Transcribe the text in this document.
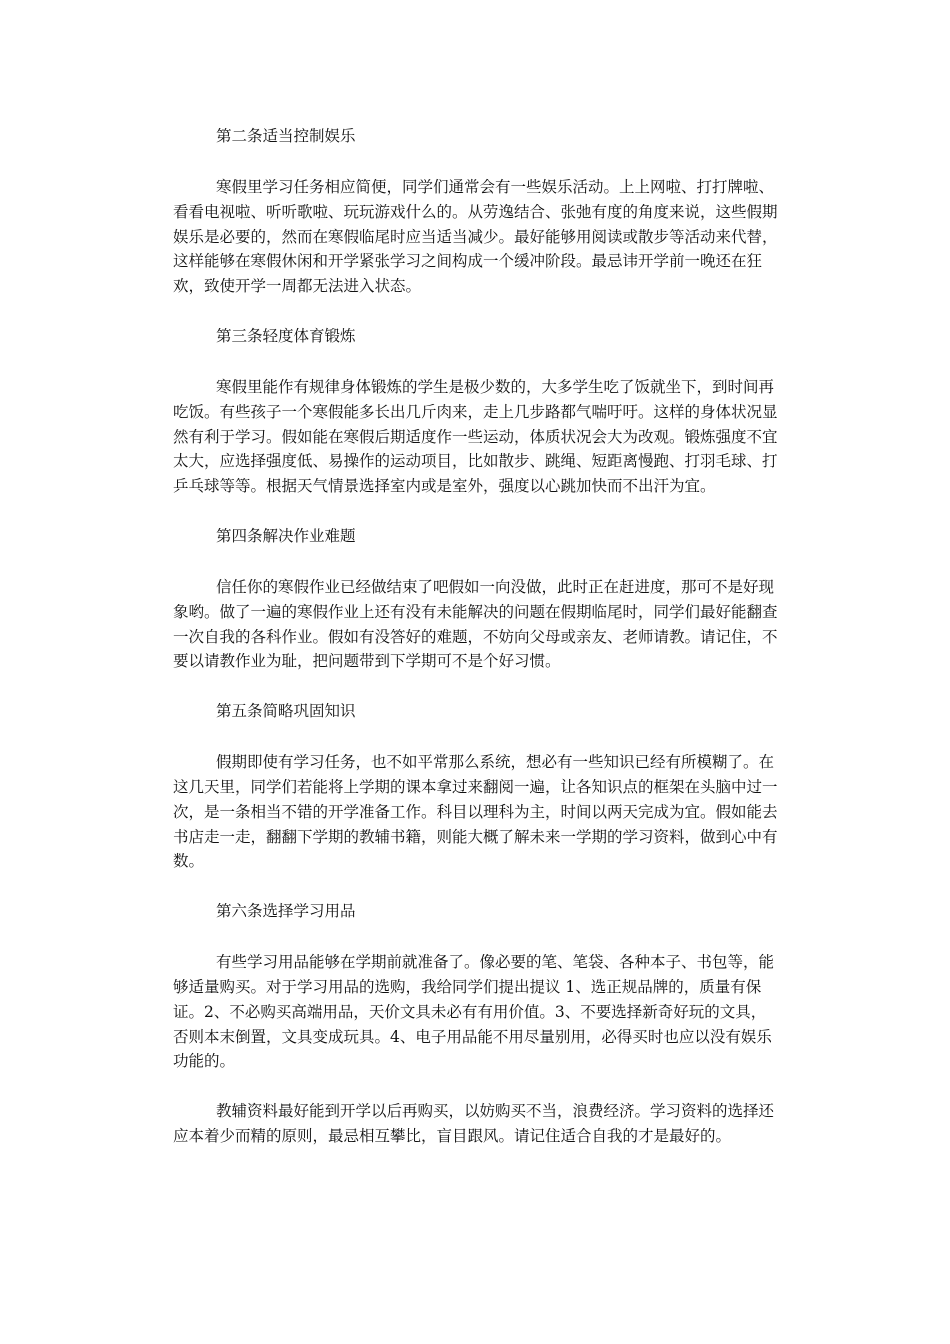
第二条适当控制娱乐

寒假里学习任务相应简便，同学们通常会有一些娱乐活动。上上网啦、打打牌啦、看看电视啦、听听歌啦、玩玩游戏什么的。从劳逸结合、张弛有度的角度来说，这些假期娱乐是必要的，然而在寒假临尾时应当适当减少。最好能够用阅读或散步等活动来代替，这样能够在寒假休闲和开学紧张学习之间构成一个缓冲阶段。最忌讳开学前一晚还在狂欢，致使开学一周都无法进入状态。

第三条轻度体育锻炼

寒假里能作有规律身体锻炼的学生是极少数的，大多学生吃了饭就坐下，到时间再吃饭。有些孩子一个寒假能多长出几斤肉来，走上几步路都气喘吁吁。这样的身体状况显然有利于学习。假如能在寒假后期适度作一些运动，体质状况会大为改观。锻炼强度不宜太大，应选择强度低、易操作的运动项目，比如散步、跳绳、短距离慢跑、打羽毛球、打乒乓球等等。根据天气情景选择室内或是室外，强度以心跳加快而不出汗为宜。

第四条解决作业难题

信任你的寒假作业已经做结束了吧假如一向没做，此时正在赶进度，那可不是好现象哟。做了一遍的寒假作业上还有没有未能解决的问题在假期临尾时，同学们最好能翻查一次自我的各科作业。假如有没答好的难题，不妨向父母或亲友、老师请教。请记住，不要以请教作业为耻，把问题带到下学期可不是个好习惯。

第五条简略巩固知识

假期即使有学习任务，也不如平常那么系统，想必有一些知识已经有所模糊了。在这几天里，同学们若能将上学期的课本拿过来翻阅一遍，让各知识点的框架在头脑中过一次，是一条相当不错的开学准备工作。科目以理科为主，时间以两天完成为宜。假如能去书店走一走，翻翻下学期的教辅书籍，则能大概了解未来一学期的学习资料，做到心中有数。

第六条选择学习用品

有些学习用品能够在学期前就准备了。像必要的笔、笔袋、各种本子、书包等，能够适量购买。对于学习用品的选购，我给同学们提出提议 1、选正规品牌的，质量有保证。2、不必购买高端用品，天价文具未必有有用价值。3、不要选择新奇好玩的文具，否则本末倒置，文具变成玩具。4、电子用品能不用尽量别用，必得买时也应以没有娱乐功能的。

教辅资料最好能到开学以后再购买，以妨购买不当，浪费经济。学习资料的选择还应本着少而精的原则，最忌相互攀比，盲目跟风。请记住适合自我的才是最好的。
